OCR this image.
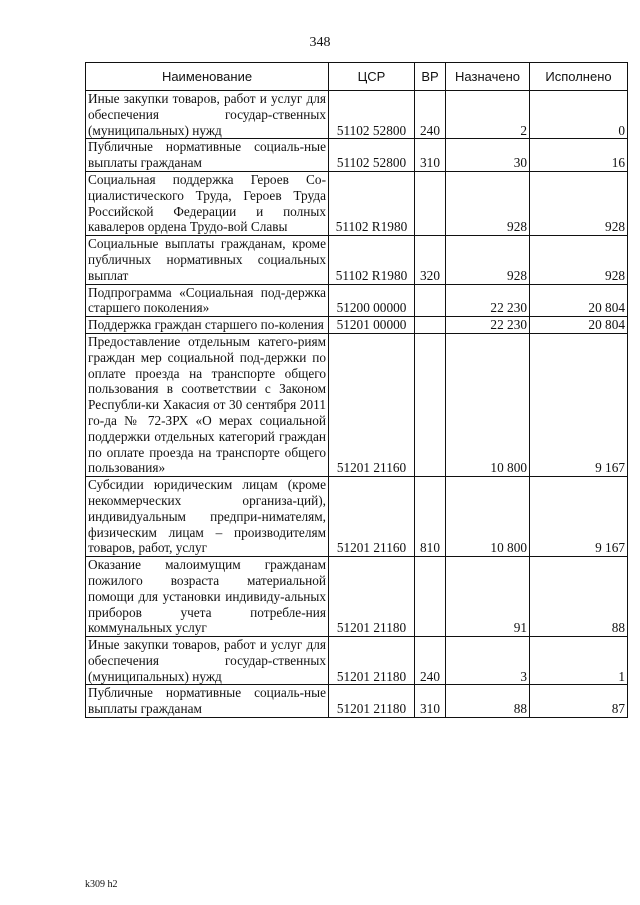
348
Наименование	ЦСР	ВР	Назначено	Исполнено
Иные закупки товаров, работ и услуг для обеспечения государ-ственных (муниципальных) нужд	51102 52800	240	2	0
Публичные нормативные социаль-ные выплаты гражданам	51102 52800	310	30	16
Социальная поддержка Героев Со-циалистического Труда, Героев Труда Российской Федерации и полных кавалеров ордена Трудо-вой Славы	51102 R1980		928	928
Социальные выплаты гражданам, кроме публичных нормативных социальных выплат	51102 R1980	320	928	928
Подпрограмма «Социальная под-держка старшего поколения»	51200 00000		22 230	20 804
Поддержка граждан старшего по-коления	51201 00000		22 230	20 804
Предоставление отдельным катего-риям граждан мер социальной под-держки по оплате проезда на транспорте общего пользования в соответствии с Законом Республи-ки Хакасия от 30 сентября 2011 го-да № 72-ЗРХ «О мерах социальной поддержки отдельных категорий граждан по оплате проезда на транспорте общего пользования»	51201 21160		10 800	9 167
Субсидии юридическим лицам (кроме некоммерческих организа-ций), индивидуальным предпри-нимателям, физическим лицам – производителям товаров, работ, услуг	51201 21160	810	10 800	9 167
Оказание малоимущим гражданам пожилого возраста материальной помощи для установки индивиду-альных приборов учета потребле-ния коммунальных услуг	51201 21180		91	88
Иные закупки товаров, работ и услуг для обеспечения государ-ственных (муниципальных) нужд	51201 21180	240	3	1
Публичные нормативные социаль-ные выплаты гражданам	51201 21180	310	88	87
k309 h2
